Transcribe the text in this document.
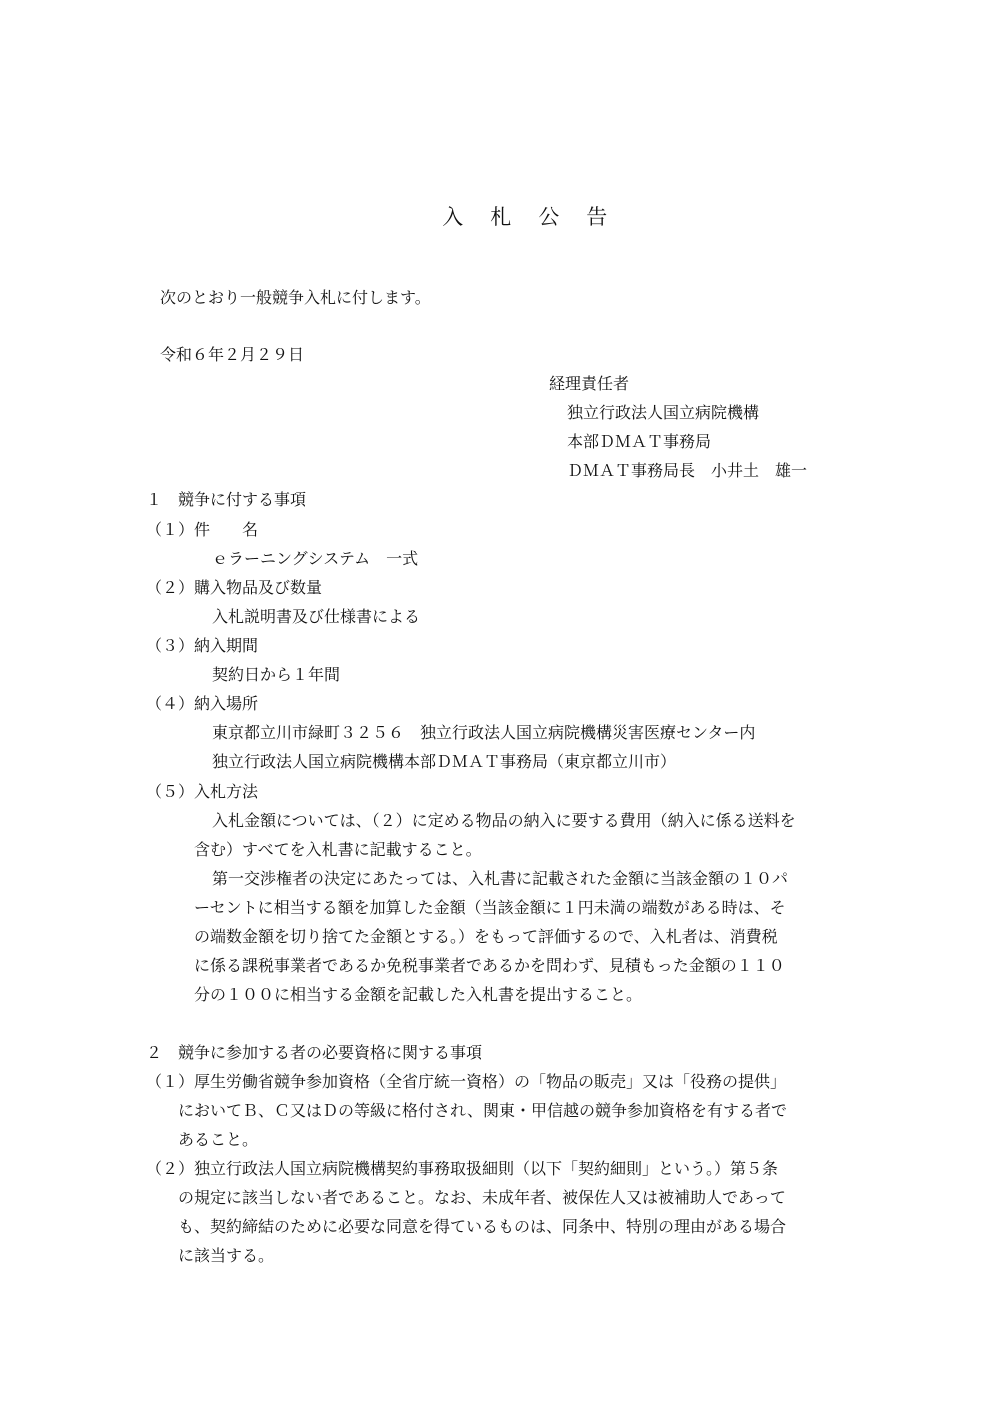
入 札 公 告

次のとおり一般競争入札に付します。
令和６年２月２９日
経理責任者
独立行政法人国立病院機構
本部ＤＭＡＴ事務局
ＤＭＡＴ事務局長　小井土　雄一
１　競争に付する事項
（１）件　　名
ｅラーニングシステム　一式
（２）購入物品及び数量
入札説明書及び仕様書による
（３）納入期間
契約日から１年間
（４）納入場所
東京都立川市緑町３２５６　独立行政法人国立病院機構災害医療センター内
独立行政法人国立病院機構本部ＤＭＡＴ事務局（東京都立川市）
（５）入札方法
入札金額については、（２）に定める物品の納入に要する費用（納入に係る送料を
含む）すべてを入札書に記載すること。
第一交渉権者の決定にあたっては、入札書に記載された金額に当該金額の１０パ
ーセントに相当する額を加算した金額（当該金額に１円未満の端数がある時は、そ
の端数金額を切り捨てた金額とする。）をもって評価するので、入札者は、消費税
に係る課税事業者であるか免税事業者であるかを問わず、見積もった金額の１１０
分の１００に相当する金額を記載した入札書を提出すること。
２　競争に参加する者の必要資格に関する事項
（１）厚生労働省競争参加資格（全省庁統一資格）の「物品の販売」又は「役務の提供」
においてＢ、Ｃ又はＤの等級に格付され、関東・甲信越の競争参加資格を有する者で
あること。
（２）独立行政法人国立病院機構契約事務取扱細則（以下「契約細則」という。）第５条
の規定に該当しない者であること。なお、未成年者、被保佐人又は被補助人であって
も、契約締結のために必要な同意を得ているものは、同条中、特別の理由がある場合
に該当する。
